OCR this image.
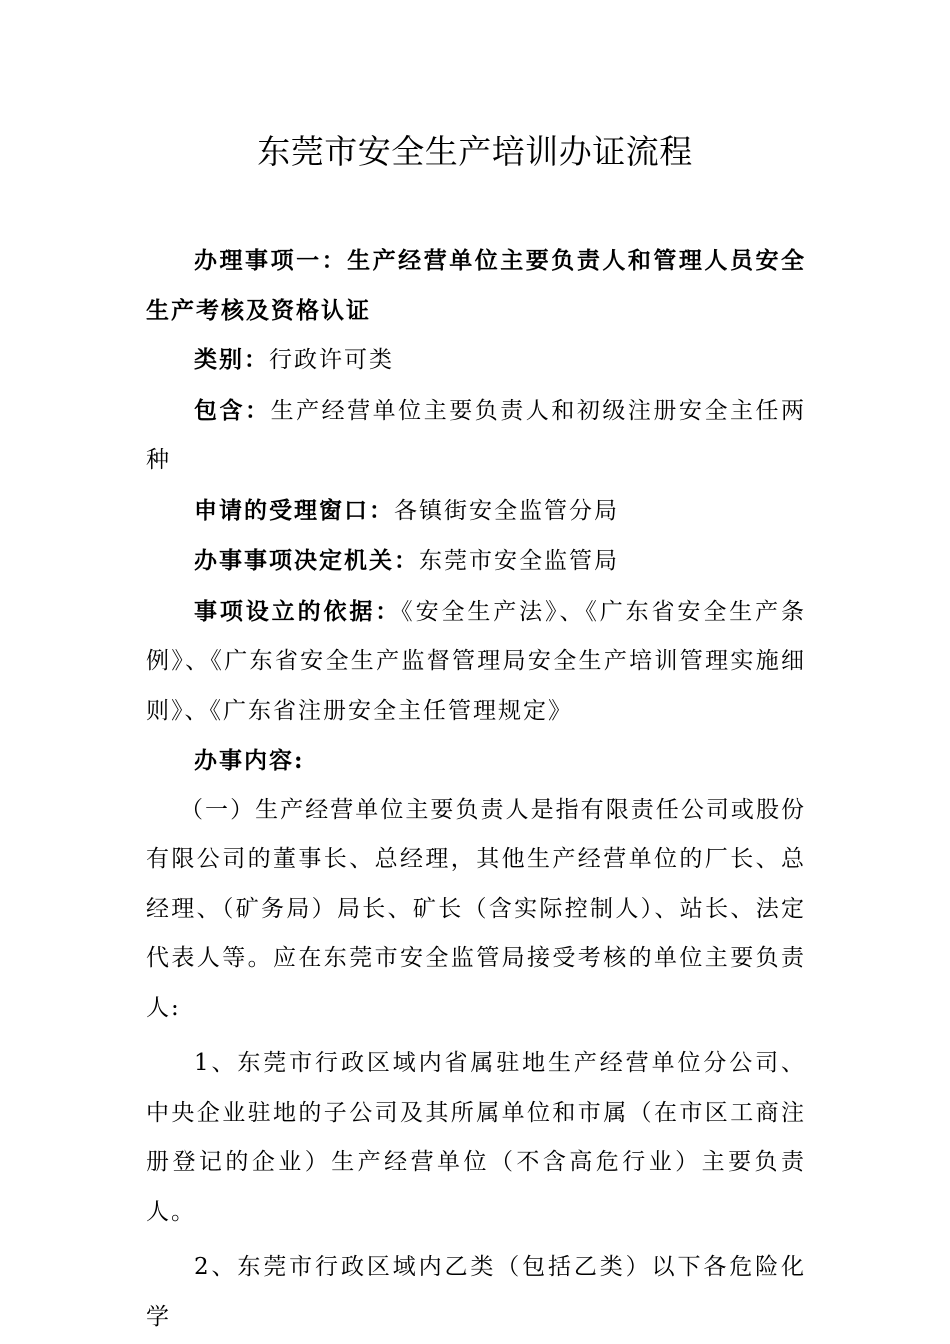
东莞市安全生产培训办证流程

办理事项一：生产经营单位主要负责人和管理人员安全生产考核及资格认证

类别：行政许可类

包含：生产经营单位主要负责人和初级注册安全主任两种

申请的受理窗口：各镇街安全监管分局

办事事项决定机关：东莞市安全监管局

事项设立的依据：《安全生产法》、《广东省安全生产条例》、《广东省安全生产监督管理局安全生产培训管理实施细则》、《广东省注册安全主任管理规定》

办事内容:

（一）生产经营单位主要负责人是指有限责任公司或股份有限公司的董事长、总经理，其他生产经营单位的厂长、总经理、（矿务局）局长、矿长（含实际控制人）、站长、法定代表人等。应在东莞市安全监管局接受考核的单位主要负责人:

1、东莞市行政区域内省属驻地生产经营单位分公司、中央企业驻地的子公司及其所属单位和市属（在市区工商注册登记的企业）生产经营单位（不含高危行业）主要负责人。

2、东莞市行政区域内乙类（包括乙类）以下各危险化学
